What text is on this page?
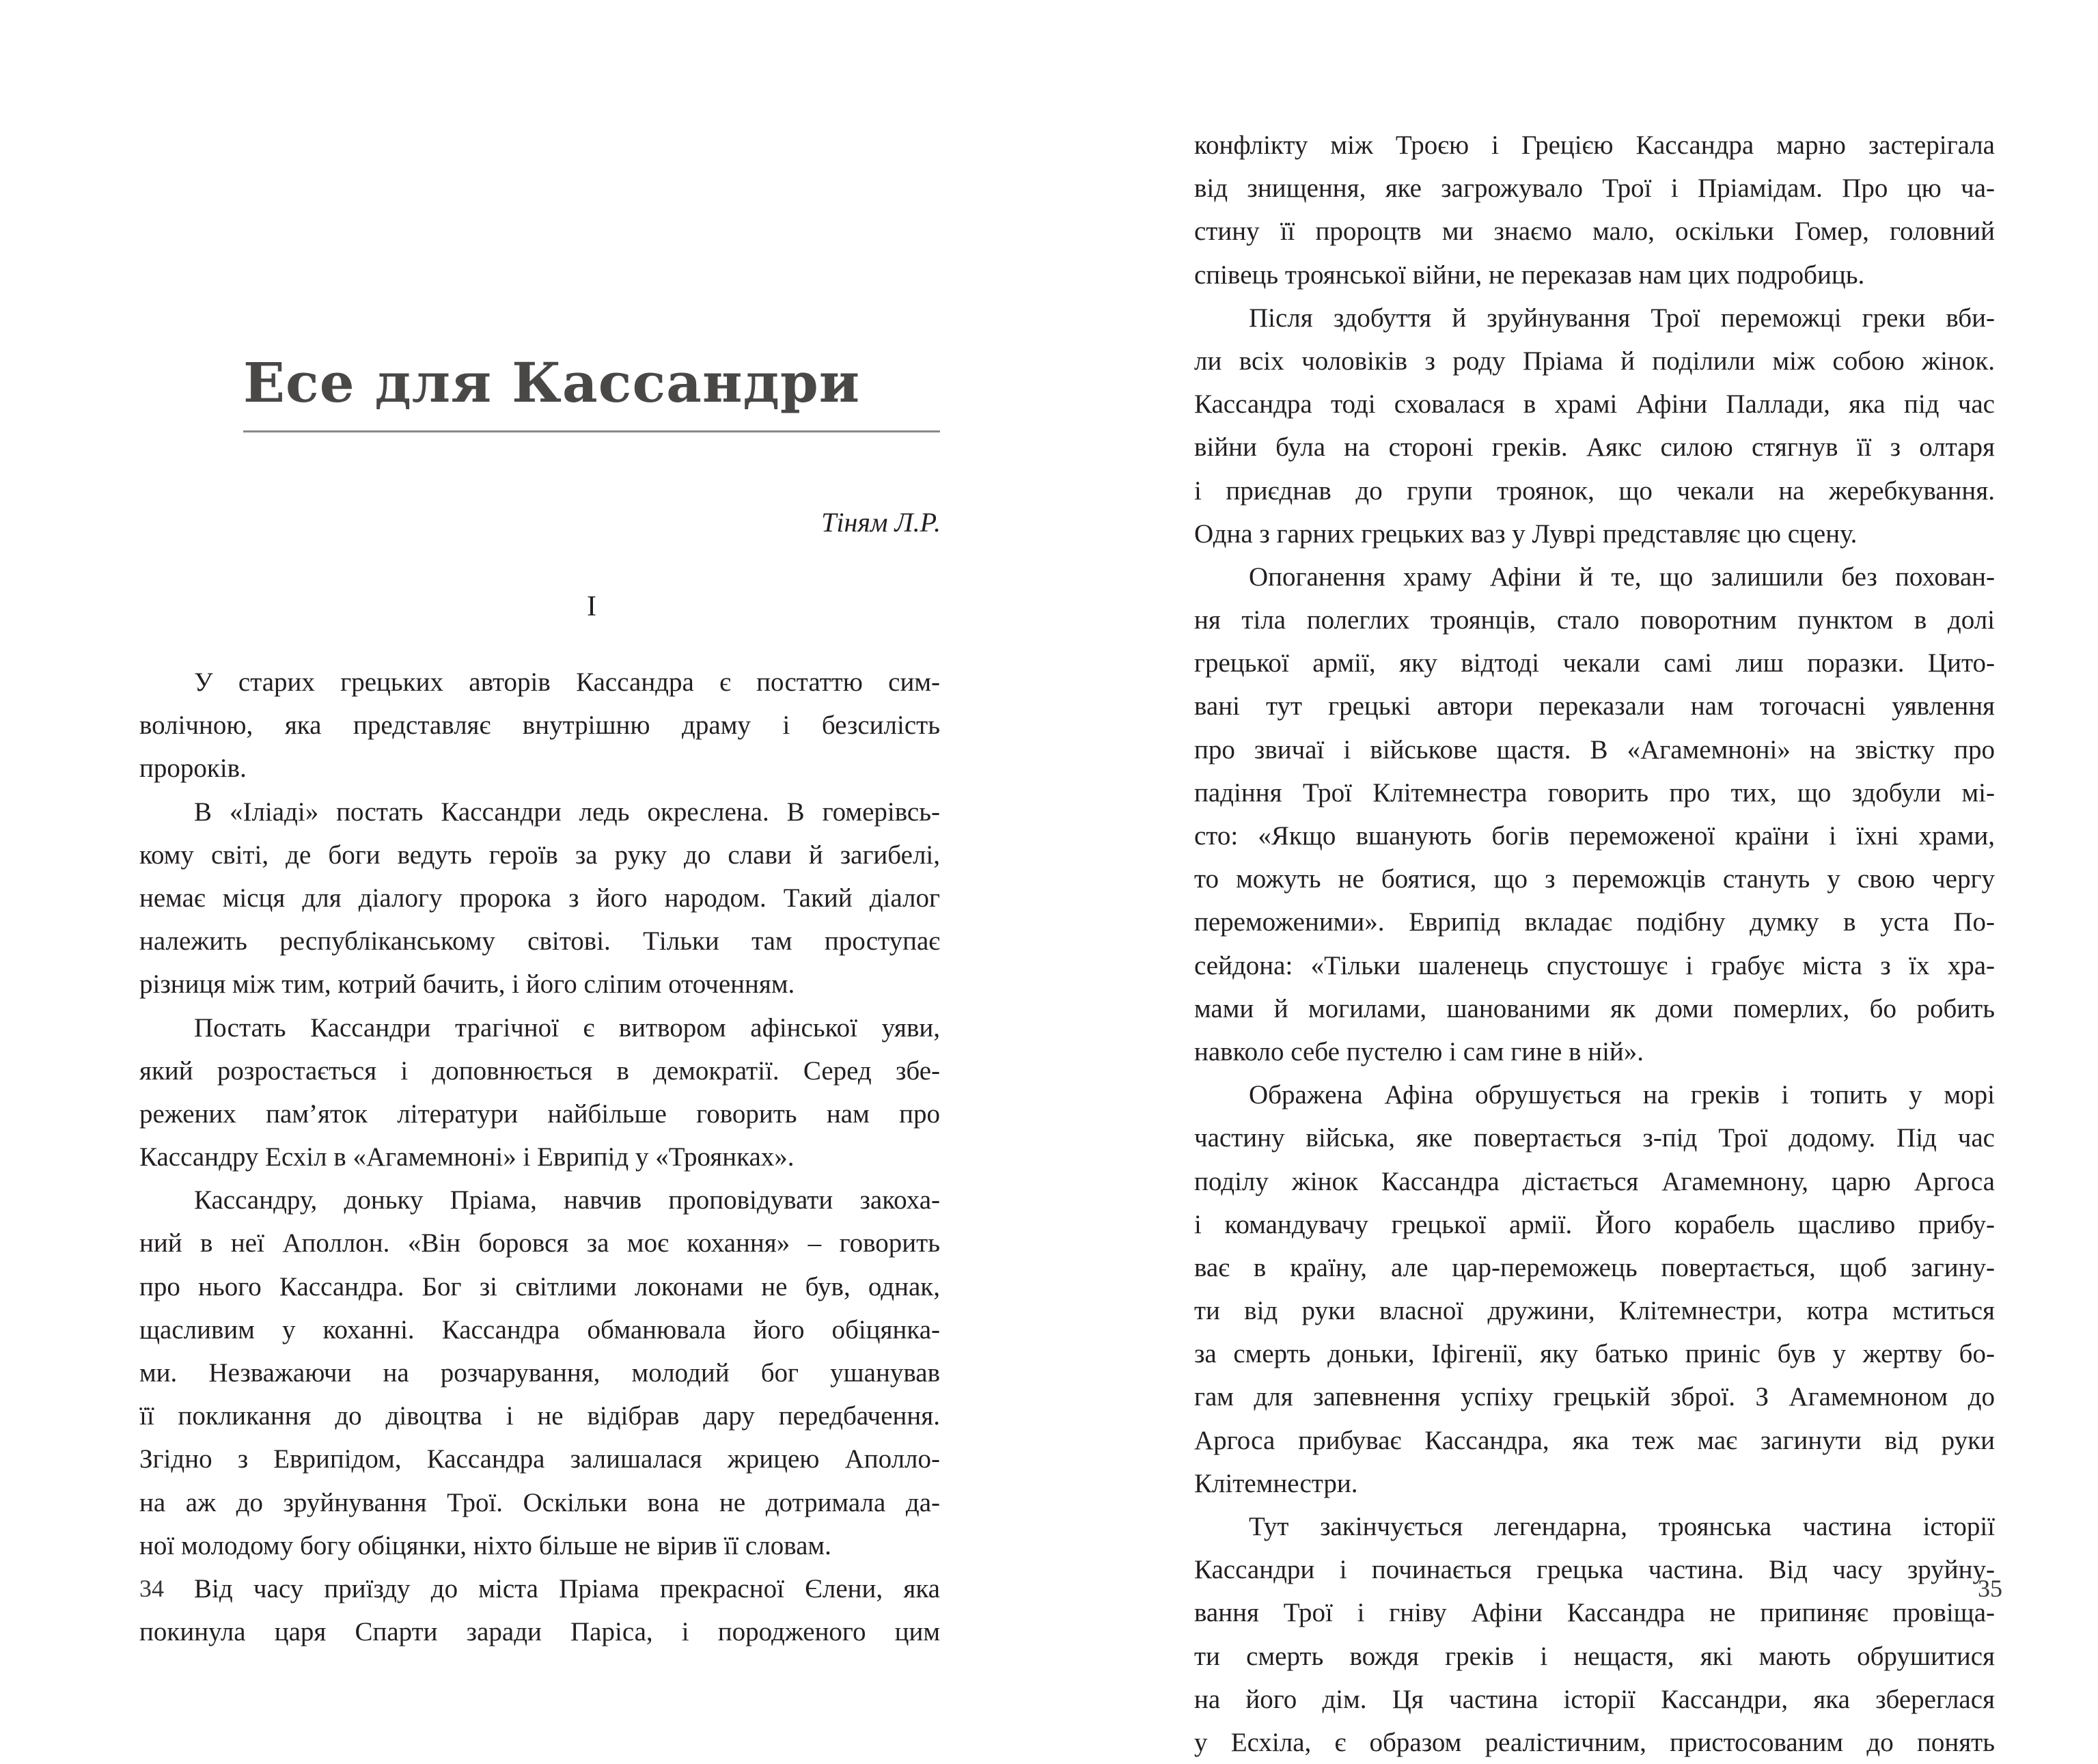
Есе для Кассандри
Тіням Л.Р.
I
У старих грецьких авторів Кассандра є постаттю сим-
волічною, яка представляє внутрішню драму і безсилість
пророків.
В «Іліаді» постать Кассандри ледь окреслена. В гомерівсь-
кому світі, де боги ведуть героїв за руку до слави й загибелі,
немає місця для діалогу пророка з його народом. Такий діалог
належить республіканському світові. Тільки там проступає
різниця між тим, котрий бачить, і його сліпим оточенням.
Постать Кассандри трагічної є витвором афінської уяви,
який розростається і доповнюється в демократії. Серед збе-
режених пам’яток літератури найбільше говорить нам про
Кассандру Есхіл в «Агамемноні» і Еврипід у «Троянках».
Кассандру, доньку Пріама, навчив проповідувати закоха-
ний в неї Аполлон. «Він боровся за моє кохання» – говорить
про нього Кассандра. Бог зі світлими локонами не був, однак,
щасливим у коханні. Кассандра обманювала його обіцянка-
ми. Незважаючи на розчарування, молодий бог ушанував
її покликання до дівоцтва і не відібрав дару передбачення.
Згідно з Еврипідом, Кассандра залишалася жрицею Аполло-
на аж до зруйнування Трої. Оскільки вона не дотримала да-
ної молодому богу обіцянки, ніхто більше не вірив її словам.
Від часу приїзду до міста Пріама прекрасної Єлени, яка
покинула царя Спарти заради Паріса, і породженого цим
34
конфлікту між Троєю і Грецією Кассандра марно застерігала
від знищення, яке загрожувало Трої і Пріамідам. Про цю ча-
стину її пророцтв ми знаємо мало, оскільки Гомер, головний
співець троянської війни, не переказав нам цих подробиць.
Після здобуття й зруйнування Трої переможці греки вби-
ли всіх чоловіків з роду Пріама й поділили між собою жінок.
Кассандра тоді сховалася в храмі Афіни Паллади, яка під час
війни була на стороні греків. Аякс силою стягнув її з олтаря
і приєднав до групи троянок, що чекали на жеребкування.
Одна з гарних грецьких ваз у Луврі представляє цю сцену.
Опоганення храму Афіни й те, що залишили без похован-
ня тіла полеглих троянців, стало поворотним пунктом в долі
грецької армії, яку відтоді чекали самі лиш поразки. Цито-
вані тут грецькі автори переказали нам тогочасні уявлення
про звичаї і військове щастя. В «Агамемноні» на звістку про
падіння Трої Клітемнестра говорить про тих, що здобули мі-
сто: «Якщо вшанують богів переможеної країни і їхні храми,
то можуть не боятися, що з переможців стануть у свою чергу
переможеними». Еврипід вкладає подібну думку в уста По-
сейдона: «Тільки шаленець спустошує і грабує міста з їх хра-
мами й могилами, шанованими як доми померлих, бо робить
навколо себе пустелю і сам гине в ній».
Ображена Афіна обрушується на греків і топить у морі
частину війська, яке повертається з-під Трої додому. Під час
поділу жінок Кассандра дістається Агамемнону, царю Аргоса
і командувачу грецької армії. Його корабель щасливо прибу-
ває в країну, але цар-переможець повертається, щоб загину-
ти від руки власної дружини, Клітемнестри, котра мститься
за смерть доньки, Іфігенії, яку батько приніс був у жертву бо-
гам для запевнення успіху грецькій зброї. З Агамемноном до
Аргоса прибуває Кассандра, яка теж має загинути від руки
Клітемнестри.
Тут закінчується легендарна, троянська частина історії
Кассандри і починається грецька частина. Від часу зруйну-
вання Трої і гніву Афіни Кассандра не припиняє провіща-
ти смерть вождя греків і нещастя, які мають обрушитися
на його дім. Ця частина історії Кассандри, яка збереглася
у Есхіла, є образом реалістичним, пристосованим до понять
35
